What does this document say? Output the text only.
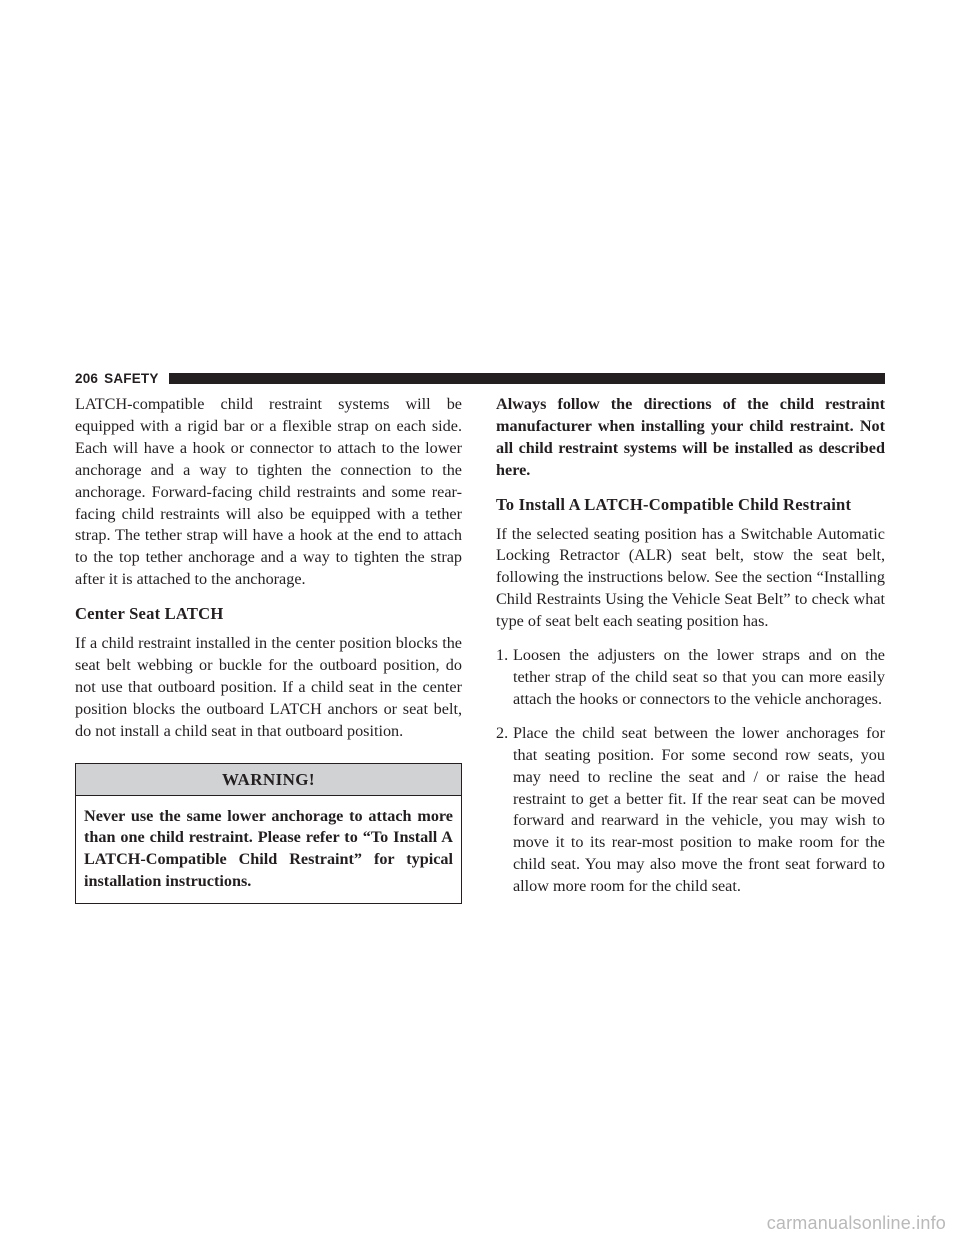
206 SAFETY

LATCH-compatible child restraint systems will be equipped with a rigid bar or a flexible strap on each side. Each will have a hook or connector to attach to the lower anchorage and a way to tighten the connection to the anchorage. Forward-facing child restraints and some rear-facing child restraints will also be equipped with a tether strap. The tether strap will have a hook at the end to attach to the top tether anchorage and a way to tighten the strap after it is attached to the anchorage.

Center Seat LATCH

If a child restraint installed in the center position blocks the seat belt webbing or buckle for the outboard position, do not use that outboard position. If a child seat in the center position blocks the outboard LATCH anchors or seat belt, do not install a child seat in that outboard position.

WARNING!
Never use the same lower anchorage to attach more than one child restraint. Please refer to “To Install A LATCH-Compatible Child Restraint” for typical installation instructions.

Always follow the directions of the child restraint manufacturer when installing your child restraint. Not all child restraint systems will be installed as described here.

To Install A LATCH-Compatible Child Restraint

If the selected seating position has a Switchable Automatic Locking Retractor (ALR) seat belt, stow the seat belt, following the instructions below. See the section “Installing Child Restraints Using the Vehicle Seat Belt” to check what type of seat belt each seating position has.

1. Loosen the adjusters on the lower straps and on the tether strap of the child seat so that you can more easily attach the hooks or connectors to the vehicle anchorages.
2. Place the child seat between the lower anchorages for that seating position. For some second row seats, you may need to recline the seat and / or raise the head restraint to get a better fit. If the rear seat can be moved forward and rearward in the vehicle, you may wish to move it to its rear-most position to make room for the child seat. You may also move the front seat forward to allow more room for the child seat.
carmanualsonline.info
